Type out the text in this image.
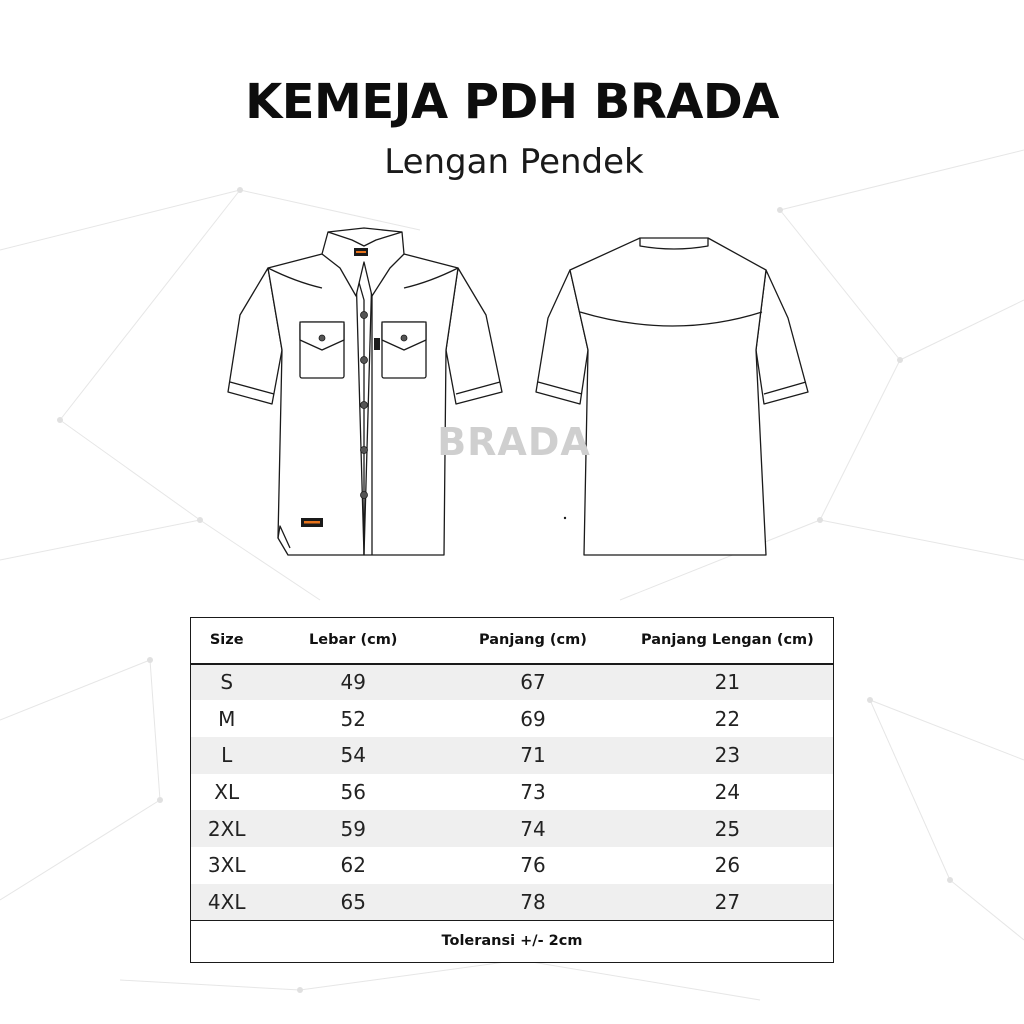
KEMEJA PDH BRADA
Lengan Pendek
BRADA
Size	Lebar (cm)	Panjang (cm)	Panjang Lengan (cm)
S	49	67	21
M	52	69	22
L	54	71	23
XL	56	73	24
2XL	59	74	25
3XL	62	76	26
4XL	65	78	27
Toleransi +/- 2cm			
